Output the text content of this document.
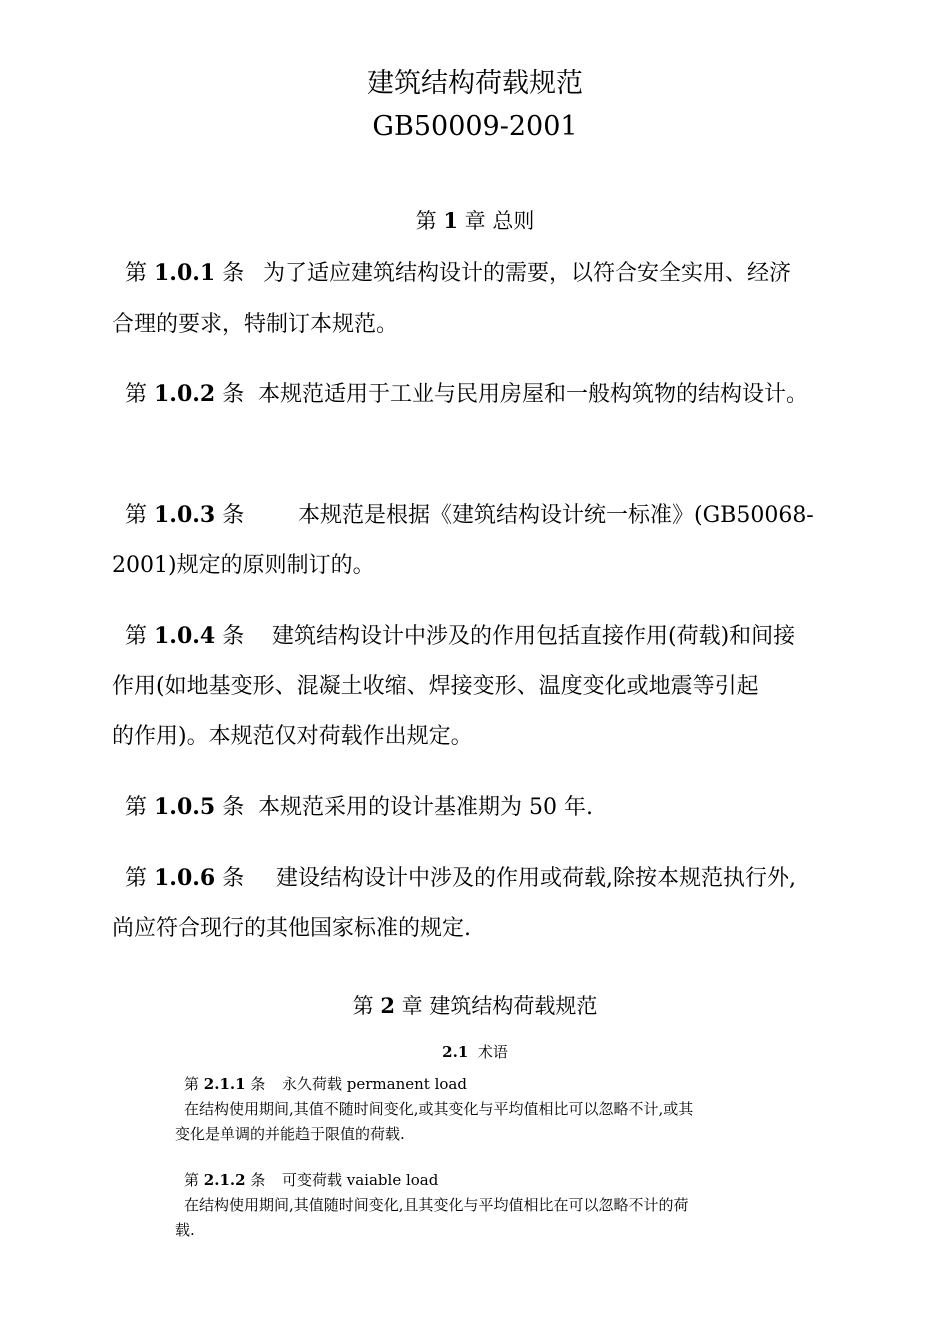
建筑结构荷载规范
GB50009-2001
第 1 章 总则
第 1.0.1 条 为了适应建筑结构设计的需要，以符合安全实用、经济
合理的要求，特制订本规范。
第 1.0.2 条 本规范适用于工业与民用房屋和一般构筑物的结构设计。
第 1.0.3 条 本规范是根据《建筑结构设计统一标准》(GB50068-
2001)规定的原则制订的。
第 1.0.4 条 建筑结构设计中涉及的作用包括直接作用(荷载)和间接
作用(如地基变形、混凝土收缩、焊接变形、温度变化或地震等引起
的作用)。本规范仅对荷载作出规定。
第 1.0.5 条 本规范采用的设计基准期为 50 年.
第 1.0.6 条 建设结构设计中涉及的作用或荷载,除按本规范执行外,
尚应符合现行的其他国家标准的规定.
第 2 章 建筑结构荷载规范
2.1 术语
第 2.1.1 条 永久荷载 permanent load
在结构使用期间,其值不随时间变化,或其变化与平均值相比可以忽略不计,或其
变化是单调的并能趋于限值的荷载.
第 2.1.2 条 可变荷载 vaiable load
在结构使用期间,其值随时间变化,且其变化与平均值相比在可以忽略不计的荷
载.
